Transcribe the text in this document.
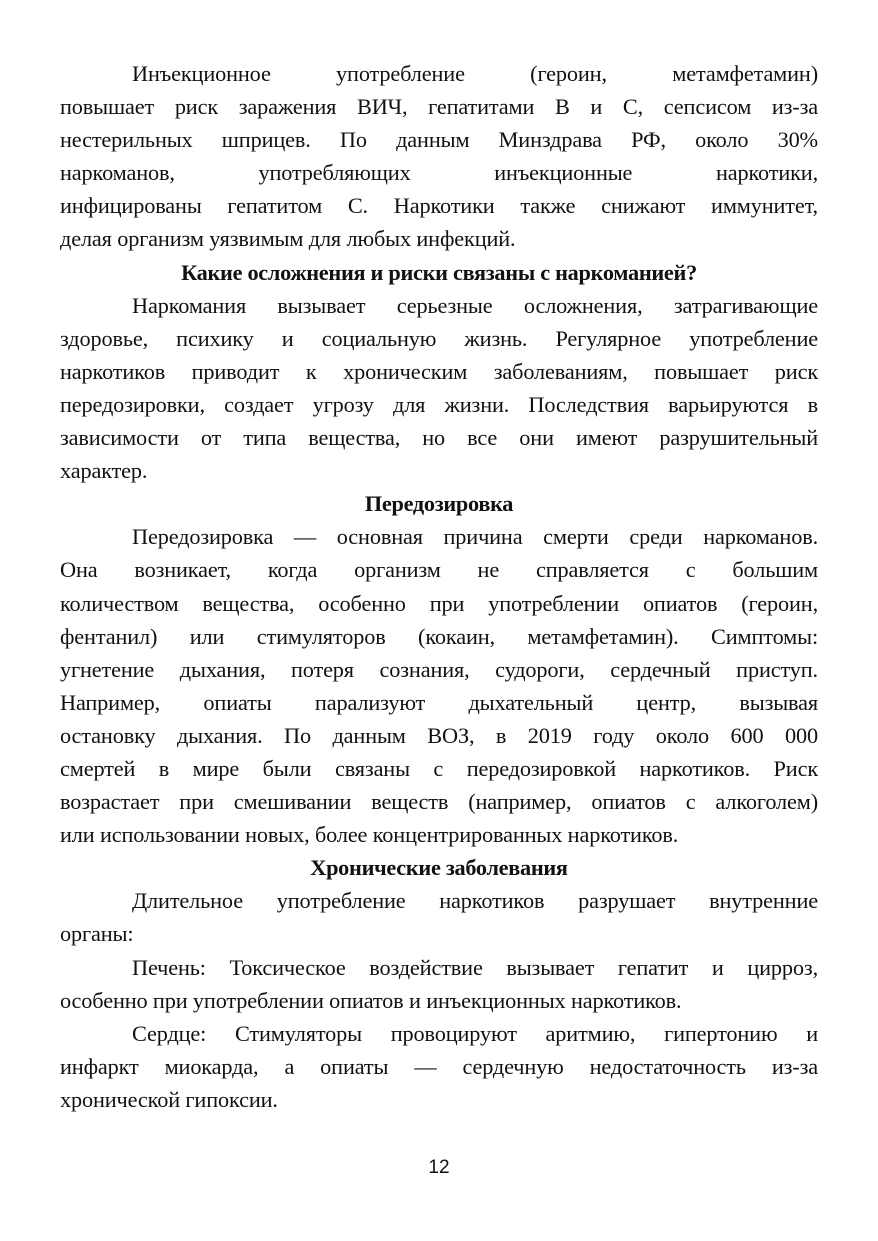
Инъекционное употребление (героин, метамфетамин)
повышает риск заражения ВИЧ, гепатитами В и С, сепсисом из-за
нестерильных шприцев. По данным Минздрава РФ, около 30%
наркоманов, употребляющих инъекционные наркотики,
инфицированы гепатитом С. Наркотики также снижают иммунитет,
делая организм уязвимым для любых инфекций.
Какие осложнения и риски связаны с наркоманией?
Наркомания вызывает серьезные осложнения, затрагивающие
здоровье, психику и социальную жизнь. Регулярное употребление
наркотиков приводит к хроническим заболеваниям, повышает риск
передозировки, создает угрозу для жизни. Последствия варьируются в
зависимости от типа вещества, но все они имеют разрушительный
характер.
Передозировка
Передозировка — основная причина смерти среди наркоманов.
Она возникает, когда организм не справляется с большим
количеством вещества, особенно при употреблении опиатов (героин,
фентанил) или стимуляторов (кокаин, метамфетамин). Симптомы:
угнетение дыхания, потеря сознания, судороги, сердечный приступ.
Например, опиаты парализуют дыхательный центр, вызывая
остановку дыхания. По данным ВОЗ, в 2019 году около 600 000
смертей в мире были связаны с передозировкой наркотиков. Риск
возрастает при смешивании веществ (например, опиатов с алкоголем)
или использовании новых, более концентрированных наркотиков.
Хронические заболевания
Длительное употребление наркотиков разрушает внутренние
органы:
Печень: Токсическое воздействие вызывает гепатит и цирроз,
особенно при употреблении опиатов и инъекционных наркотиков.
Сердце: Стимуляторы провоцируют аритмию, гипертонию и
инфаркт миокарда, а опиаты — сердечную недостаточность из-за
хронической гипоксии.
12
